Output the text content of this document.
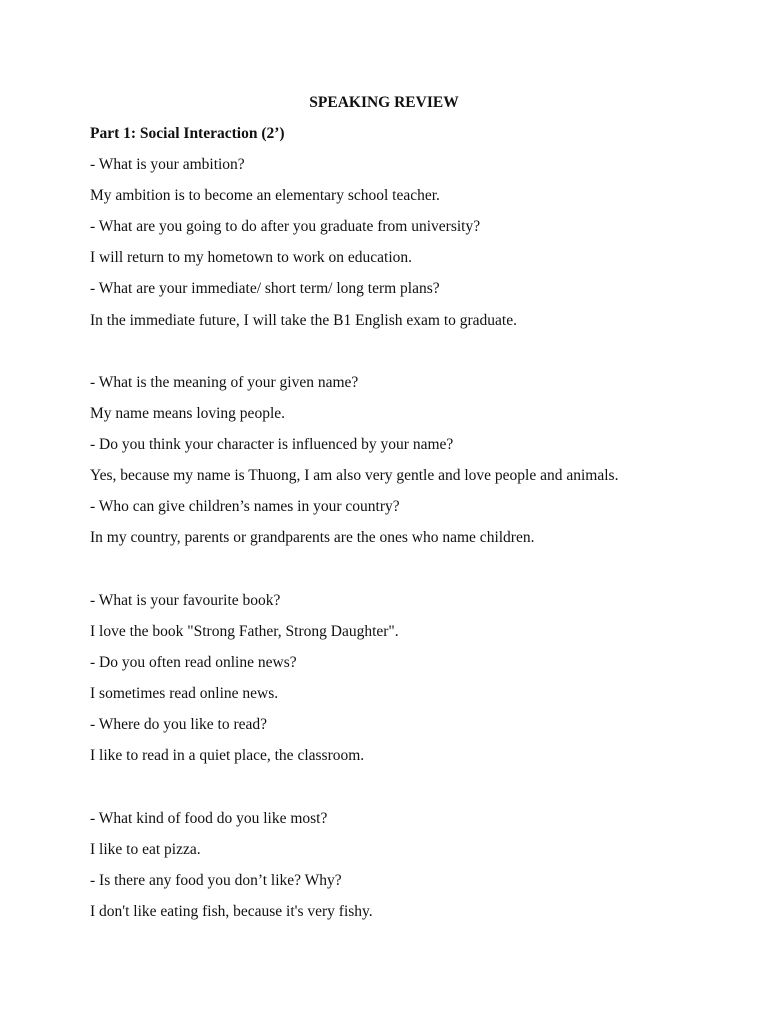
SPEAKING REVIEW
Part 1: Social Interaction (2’)
- What is your ambition?
My ambition is to become an elementary school teacher.
- What are you going to do after you graduate from university?
I will return to my hometown to work on education.
- What are your immediate/ short term/ long term plans?
In the immediate future, I will take the B1 English exam to graduate.
- What is the meaning of your given name?
My name means loving people.
- Do you think your character is influenced by your name?
Yes, because my name is Thuong, I am also very gentle and love people and animals.
- Who can give children’s names in your country?
In my country, parents or grandparents are the ones who name children.
- What is your favourite book?
I love the book "Strong Father, Strong Daughter".
- Do you often read online news?
I sometimes read online news.
- Where do you like to read?
I like to read in a quiet place, the classroom.
- What kind of food do you like most?
I like to eat pizza.
- Is there any food you don’t like? Why?
I don't like eating fish, because it's very fishy.
